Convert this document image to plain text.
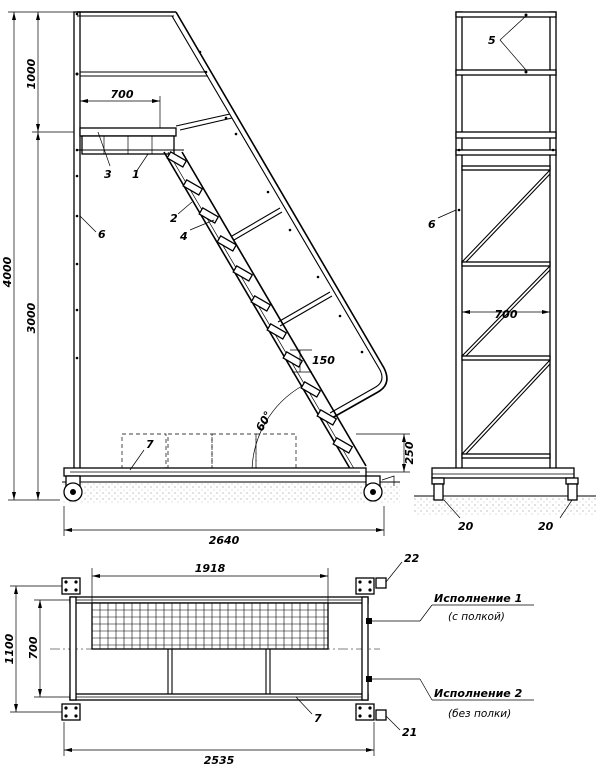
4000
1000
3000
700
150
250
60°
2640
1
2
3
4
6
7
700
5
6
20	20
1918
1100 700
2535
Исполнение 1
(с полкой)
Исполнение 2
(без полки)
22
21
7
